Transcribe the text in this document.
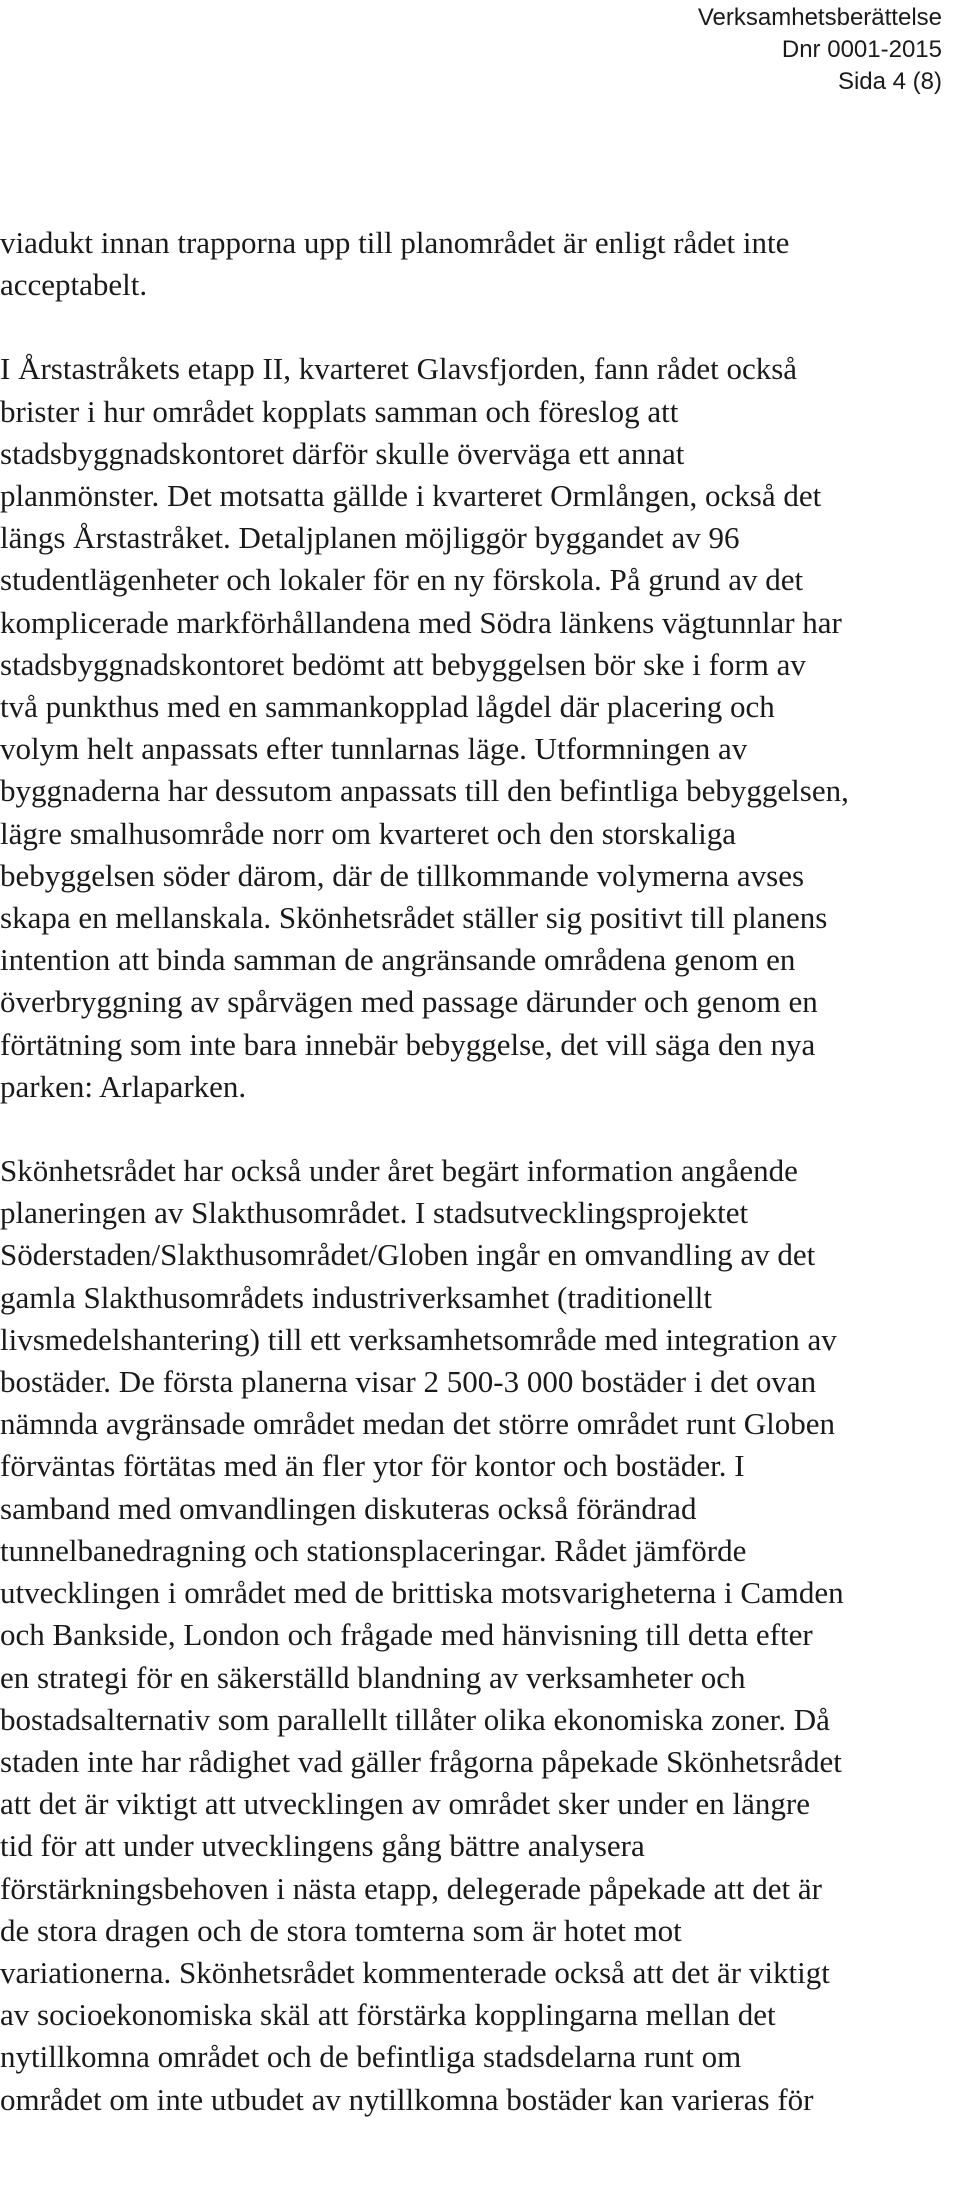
Verksamhetsberättelse
Dnr 0001-2015
Sida 4 (8)
viadukt innan trapporna upp till planområdet är enligt rådet inte
acceptabelt.
I Årstastråkets etapp II, kvarteret Glavsfjorden, fann rådet också
brister i hur området kopplats samman och föreslog att
stadsbyggnadskontoret därför skulle överväga ett annat
planmönster. Det motsatta gällde i kvarteret Ormlången, också det
längs Årstastråket. Detaljplanen möjliggör byggandet av 96
studentlägenheter och lokaler för en ny förskola. På grund av det
komplicerade markförhållandena med Södra länkens vägtunnlar har
stadsbyggnadskontoret bedömt att bebyggelsen bör ske i form av
två punkthus med en sammankopplad lågdel där placering och
volym helt anpassats efter tunnlarnas läge. Utformningen av
byggnaderna har dessutom anpassats till den befintliga bebyggelsen,
lägre smalhusområde norr om kvarteret och den storskaliga
bebyggelsen söder därom, där de tillkommande volymerna avses
skapa en mellanskala. Skönhetsrådet ställer sig positivt till planens
intention att binda samman de angränsande områdena genom en
överbryggning av spårvägen med passage därunder och genom en
förtätning som inte bara innebär bebyggelse, det vill säga den nya
parken: Arlaparken.
Skönhetsrådet har också under året begärt information angående
planeringen av Slakthusområdet. I stadsutvecklingsprojektet
Söderstaden/Slakthusområdet/Globen ingår en omvandling av det
gamla Slakthusområdets industriverksamhet (traditionellt
livsmedelshantering) till ett verksamhetsområde med integration av
bostäder. De första planerna visar 2 500-3 000 bostäder i det ovan
nämnda avgränsade området medan det större området runt Globen
förväntas förtätas med än fler ytor för kontor och bostäder. I
samband med omvandlingen diskuteras också förändrad
tunnelbanedragning och stationsplaceringar. Rådet jämförde
utvecklingen i området med de brittiska motsvarigheterna i Camden
och Bankside, London och frågade med hänvisning till detta efter
en strategi för en säkerställd blandning av verksamheter och
bostadsalternativ som parallellt tillåter olika ekonomiska zoner. Då
staden inte har rådighet vad gäller frågorna påpekade Skönhetsrådet
att det är viktigt att utvecklingen av området sker under en längre
tid för att under utvecklingens gång bättre analysera
förstärkningsbehoven i nästa etapp, delegerade påpekade att det är
de stora dragen och de stora tomterna som är hotet mot
variationerna. Skönhetsrådet kommenterade också att det är viktigt
av socioekonomiska skäl att förstärka kopplingarna mellan det
nytillkomna området och de befintliga stadsdelarna runt om
området om inte utbudet av nytillkomna bostäder kan varieras för
